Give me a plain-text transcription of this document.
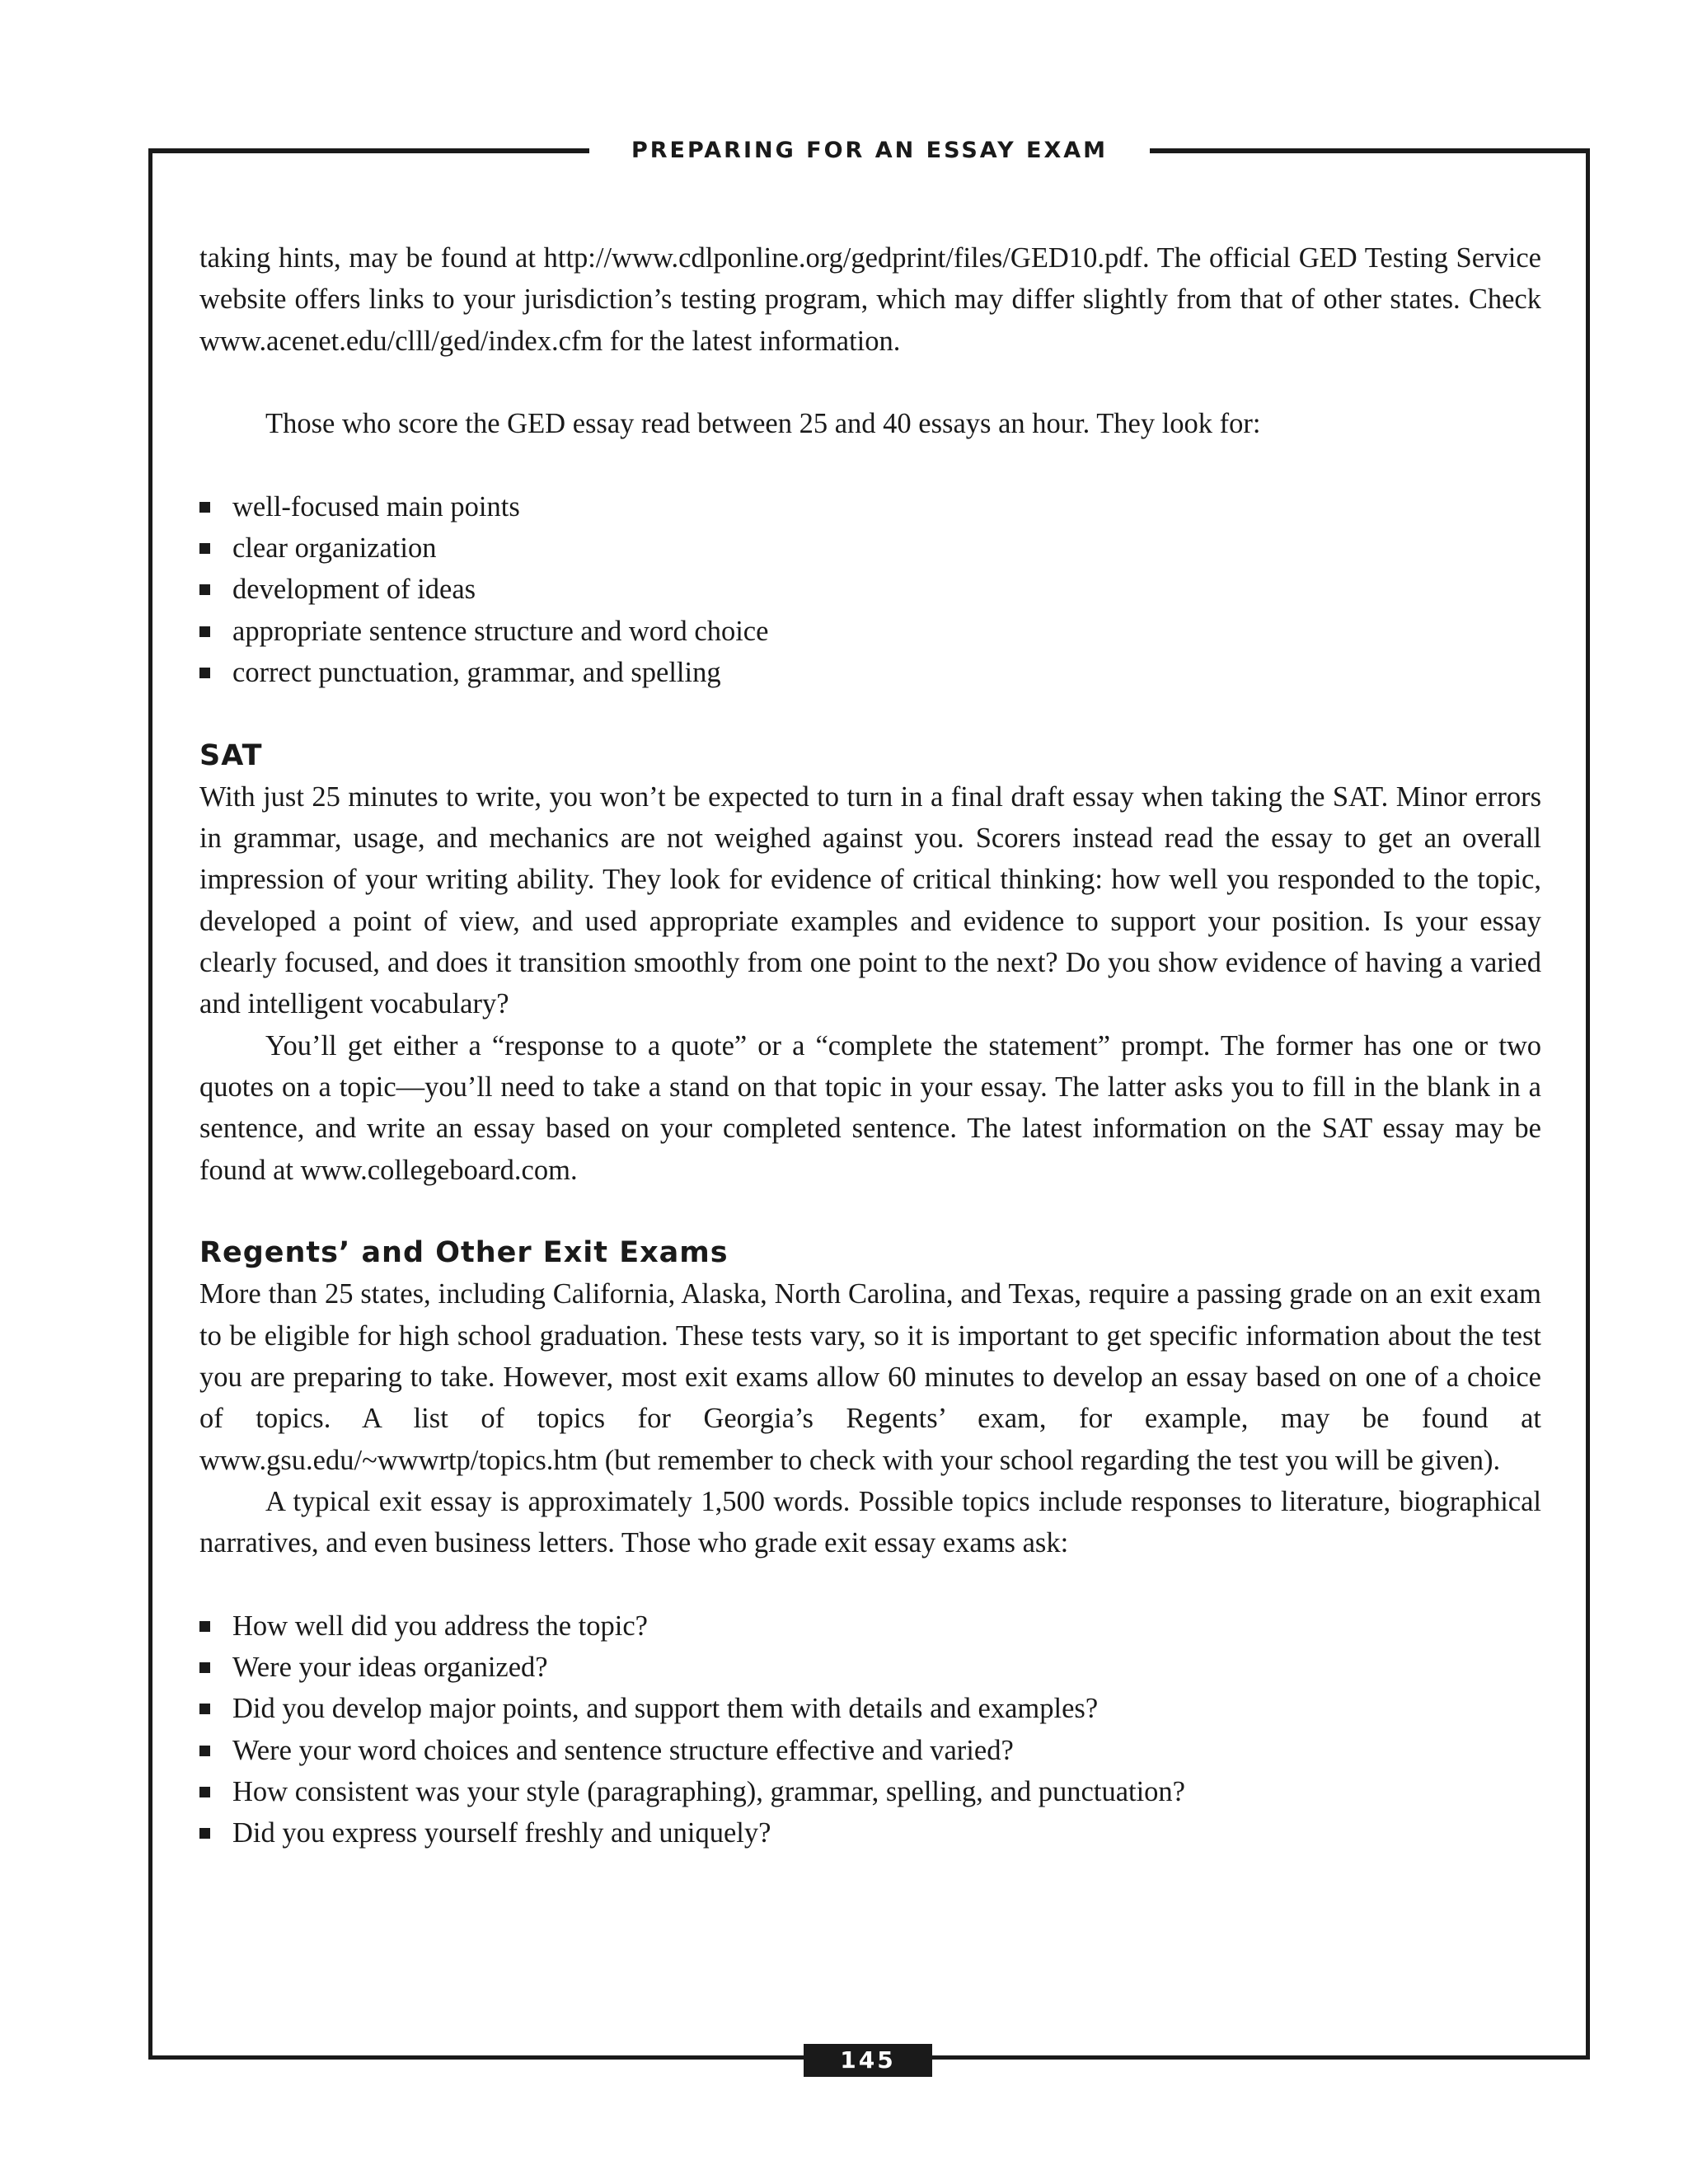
PREPARING FOR AN ESSAY EXAM

taking hints, may be found at http://www.cdlponline.org/gedprint/files/GED10.pdf. The official GED Testing Service website offers links to your jurisdiction’s testing program, which may differ slightly from that of other states. Check www.acenet.edu/clll/ged/index.cfm for the latest information.

Those who score the GED essay read between 25 and 40 essays an hour. They look for:

well-focused main points
clear organization
development of ideas
appropriate sentence structure and word choice
correct punctuation, grammar, and spelling
SAT

With just 25 minutes to write, you won’t be expected to turn in a final draft essay when taking the SAT. Minor errors in grammar, usage, and mechanics are not weighed against you. Scorers instead read the essay to get an overall impression of your writing ability. They look for evidence of critical thinking: how well you responded to the topic, developed a point of view, and used appropriate examples and evidence to support your position. Is your essay clearly focused, and does it transition smoothly from one point to the next? Do you show evidence of having a varied and intelligent vocabulary?

You’ll get either a “response to a quote” or a “complete the statement” prompt. The former has one or two quotes on a topic—you’ll need to take a stand on that topic in your essay. The latter asks you to fill in the blank in a sentence, and write an essay based on your completed sentence. The latest information on the SAT essay may be found at www.collegeboard.com.

Regents’ and Other Exit Exams

More than 25 states, including California, Alaska, North Carolina, and Texas, require a passing grade on an exit exam to be eligible for high school graduation. These tests vary, so it is important to get specific information about the test you are preparing to take. However, most exit exams allow 60 minutes to develop an essay based on one of a choice of topics. A list of topics for Georgia’s Regents’ exam, for example, may be found at www.gsu.edu/~wwwrtp/topics.htm (but remember to check with your school regarding the test you will be given).

A typical exit essay is approximately 1,500 words. Possible topics include responses to literature, biographical narratives, and even business letters. Those who grade exit essay exams ask:

How well did you address the topic?
Were your ideas organized?
Did you develop major points, and support them with details and examples?
Were your word choices and sentence structure effective and varied?
How consistent was your style (paragraphing), grammar, spelling, and punctuation?
Did you express yourself freshly and uniquely?
145
